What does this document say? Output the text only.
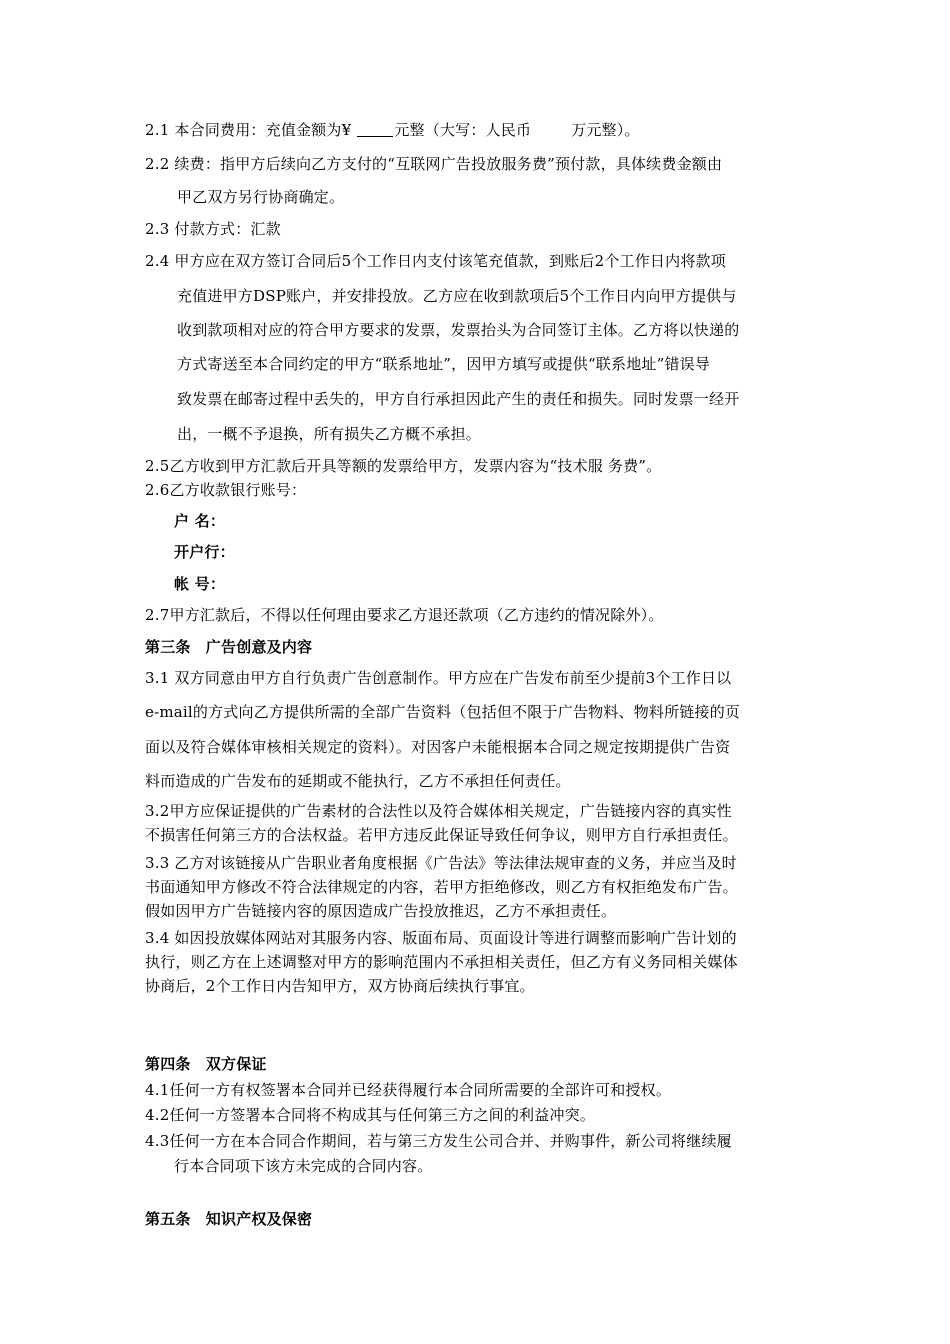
2.1 本合同费用：充值金额为¥	元整（大写：人民币	万元整）。
2.2 续费：指甲方后续向乙方支付的“互联网广告投放服务费”预付款，具体续费金额由
甲乙双方另行协商确定。
2.3 付款方式：汇款
2.4 甲方应在双方签订合同后5个工作日内支付该笔充值款，到账后2个工作日内将款项
充值进甲方DSP账户，并安排投放。乙方应在收到款项后5个工作日内向甲方提供与
收到款项相对应的符合甲方要求的发票，发票抬头为合同签订主体。乙方将以快递的
方式寄送至本合同约定的甲方“联系地址”，因甲方填写或提供“联系地址”错误导
致发票在邮寄过程中丢失的，甲方自行承担因此产生的责任和损失。同时发票一经开
出，一概不予退换，所有损失乙方概不承担。
2.5乙方收到甲方汇款后开具等额的发票给甲方，发票内容为“技术服 务费”。
2.6乙方收款银行账号：
户 名：
开户行：
帐 号：
2.7甲方汇款后，不得以任何理由要求乙方退还款项（乙方违约的情况除外）。
第三条　广告创意及内容
3.1 双方同意由甲方自行负责广告创意制作。甲方应在广告发布前至少提前3个工作日以
e-mail的方式向乙方提供所需的全部广告资料（包括但不限于广告物料、物料所链接的页
面以及符合媒体审核相关规定的资料）。对因客户未能根据本合同之规定按期提供广告资
料而造成的广告发布的延期或不能执行，乙方不承担任何责任。
3.2甲方应保证提供的广告素材的合法性以及符合媒体相关规定，广告链接内容的真实性
不损害任何第三方的合法权益。若甲方违反此保证导致任何争议，则甲方自行承担责任。
3.3 乙方对该链接从广告职业者角度根据《广告法》等法律法规审查的义务，并应当及时
书面通知甲方修改不符合法律规定的内容，若甲方拒绝修改，则乙方有权拒绝发布广告。
假如因甲方广告链接内容的原因造成广告投放推迟，乙方不承担责任。
3.4 如因投放媒体网站对其服务内容、版面布局、页面设计等进行调整而影响广告计划的
执行，则乙方在上述调整对甲方的影响范围内不承担相关责任，但乙方有义务同相关媒体
协商后，2个工作日内告知甲方，双方协商后续执行事宜。
第四条　双方保证
4.1任何一方有权签署本合同并已经获得履行本合同所需要的全部许可和授权。
4.2任何一方签署本合同将不构成其与任何第三方之间的利益冲突。
4.3任何一方在本合同合作期间，若与第三方发生公司合并、并购事件，新公司将继续履
行本合同项下该方未完成的合同内容。
第五条　知识产权及保密
